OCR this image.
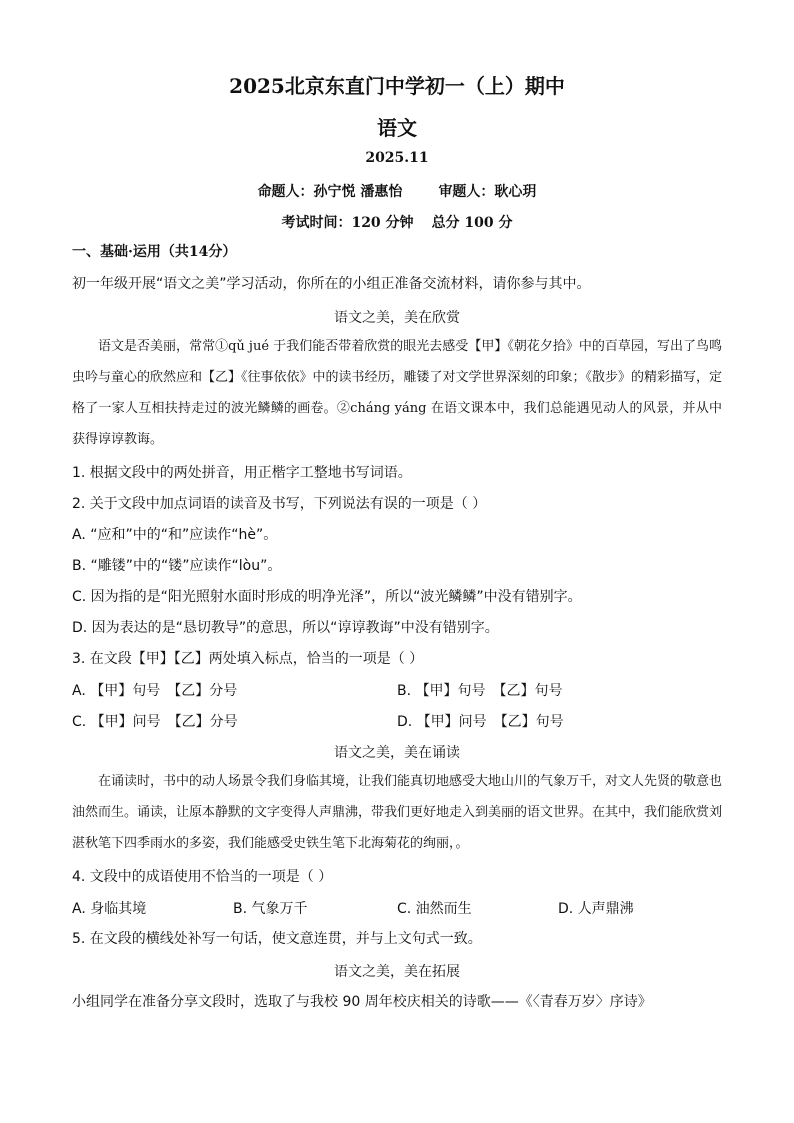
2025北京东直门中学初一（上）期中
语文
2025.11
命题人：孙宁悦 潘惠怡	审题人：耿心玥
考试时间：120 分钟 总分 100 分
一、基础·运用（共14分）
初一年级开展“语文之美”学习活动，你所在的小组正准备交流材料，请你参与其中。
语文之美，美在欣赏

语文是否美丽，常常①qǔ jué 于我们能否带着欣赏的眼光去感受【甲】《朝花夕拾》中的百草园，写出了鸟鸣虫吟与童心的欣然应和【乙】《往事依依》中的读书经历，雕镂了对文学世界深刻的印象；《散步》的精彩描写，定格了一家人互相扶持走过的波光鳞鳞的画卷。②cháng yáng 在语文课本中，我们总能遇见动人的风景，并从中获得谆谆教诲。

1. 根据文段中的两处拼音，用正楷字工整地书写词语。
2. 关于文段中加点词语的读音及书写，下列说法有误的一项是（ ）
A. “应和”中的“和”应读作“hè”。
B. “雕镂”中的“镂”应读作“lòu”。
C. 因为指的是“阳光照射水面时形成的明净光泽”，所以“波光鳞鳞”中没有错别字。
D. 因为表达的是“恳切教导”的意思，所以“谆谆教诲”中没有错别字。
3. 在文段【甲】【乙】两处填入标点，恰当的一项是（ ）
A. 【甲】句号　【乙】分号	B. 【甲】句号　【乙】句号
C. 【甲】问号　【乙】分号	D. 【甲】问号　【乙】句号
语文之美，美在诵读

在诵读时，书中的动人场景令我们身临其境，让我们能真切地感受大地山川的气象万千，对文人先贤的敬意也油然而生。诵读，让原本静默的文字变得人声鼎沸，带我们更好地走入到美丽的语文世界。在其中，我们能欣赏刘湛秋笔下四季雨水的多姿，我们能感受史铁生笔下北海菊花的绚丽，。

4. 文段中的成语使用不恰当的一项是（ ）
A. 身临其境	B. 气象万千	C. 油然而生	D. 人声鼎沸
5. 在文段的横线处补写一句话，使文意连贯，并与上文句式一致。
语文之美，美在拓展
小组同学在准备分享文段时，选取了与我校 90 周年校庆相关的诗歌——《〈青春万岁〉序诗》
